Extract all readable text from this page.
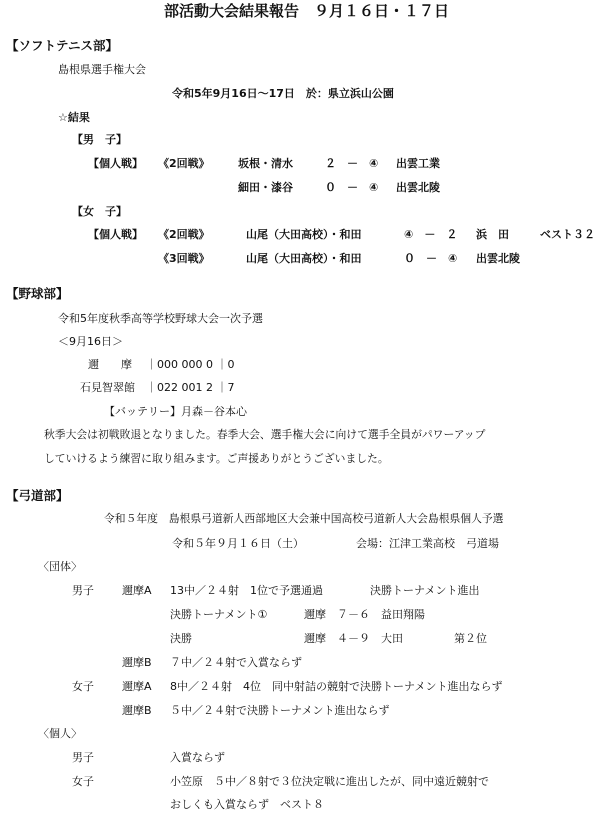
部活動大会結果報告　９月１６日・１７日
【ソフトテニス部】
島根県選手権大会
令和5年9月16日～17日　於：県立浜山公園
☆結果
【男　子】
【個人戦】 《2回戦》	坂根・清水	２　－　④ 出雲工業
細田・漆谷	０　－　④ 出雲北陵
【女　子】
【個人戦】 《2回戦》	山尾（大田高校）・和田	④　－　２ 浜　田	ベスト３２
《3回戦》	山尾（大田高校）・和田	０　－　④ 出雲北陵
【野球部】
令和5年度秋季高等学校野球大会一次予選
＜9月16日＞
邇　　摩 ｜000 000 0 ｜0
石見智翠館 ｜022 001 2 ｜7
【バッテリー】月森－谷本心
秋季大会は初戦敗退となりました。春季大会、選手権大会に向けて選手全員がパワーアップ
していけるよう練習に取り組みます。ご声援ありがとうございました。
【弓道部】
令和５年度　島根県弓道新人西部地区大会兼中国高校弓道新人大会島根県個人予選
令和５年９月１６日（土）	会場：江津工業高校　弓道場
〈団体〉
男子	邇摩A 13中／２４射　1位で予選通過	決勝トーナメント進出
決勝トーナメント①	邇摩　７－６　益田翔陽
決勝	邇摩　４－９　大田	第２位
邇摩B ７中／２４射で入賞ならず
女子	邇摩A 8中／２４射　4位　同中射詰の競射で決勝トーナメント進出ならず
邇摩B ５中／２４射で決勝トーナメント進出ならず
〈個人〉
男子	入賞ならず
女子	小笠原　５中／８射で３位決定戦に進出したが、同中遠近競射で
おしくも入賞ならず　ベスト８
